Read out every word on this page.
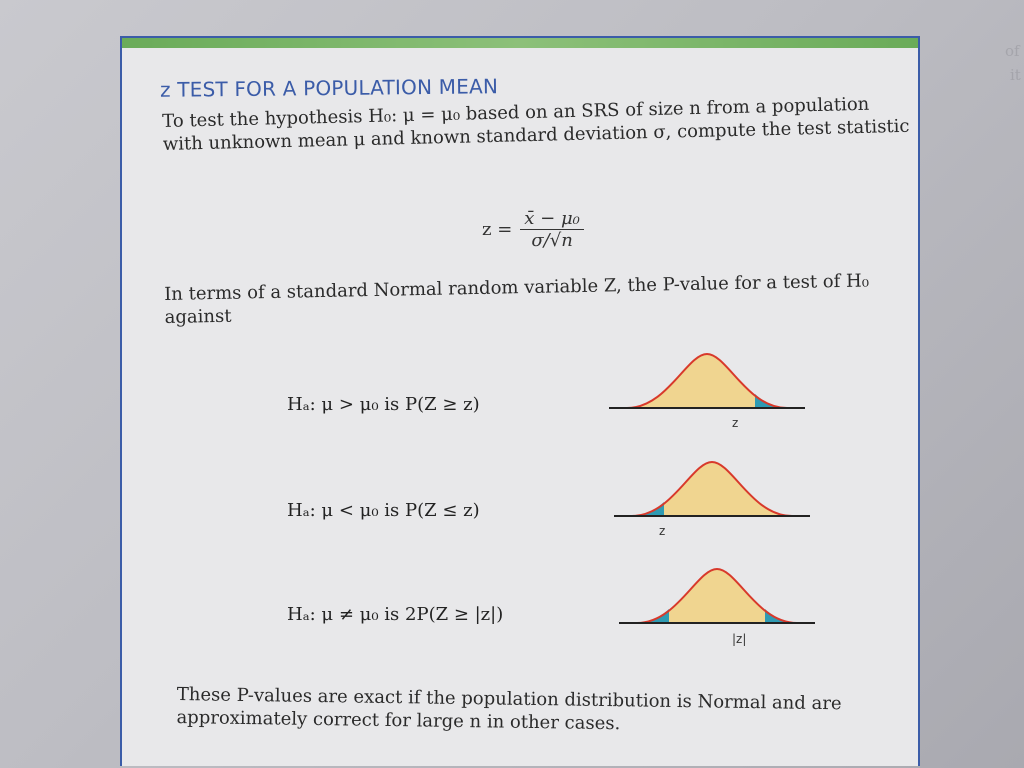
of
it
z TEST FOR A POPULATION MEAN
To test the hypothesis H₀: μ = μ₀ based on an SRS of size n from a population with unknown mean μ and known standard deviation σ, compute the test statistic
$z = \frac{\text{x̄ − μ₀}}{\sigma/√n}$
In terms of a standard Normal random variable Z, the P-value for a test of H₀ against
Hₐ: μ > μ₀ is P(Z ≥ z)
z
Hₐ: μ < μ₀ is P(Z ≤ z)
z
Hₐ: μ ≠ μ₀ is 2P(Z ≥ |z|)
|z|
These P-values are exact if the population distribution is Normal and are approximately correct for large n in other cases.
